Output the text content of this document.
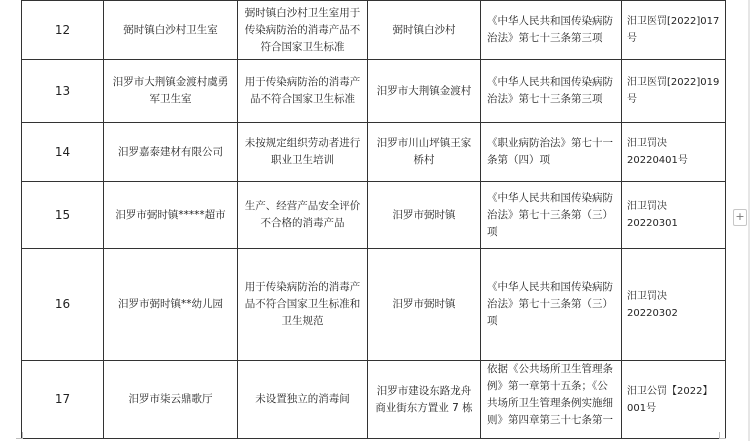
12	弼时镇白沙村卫生室	弼时镇白沙村卫生室用于传染病防治的消毒产品不符合国家卫生标准	弼时镇白沙村	《中华人民共和国传染病防治法》第七十三条第三项	汨卫医罚[2022]017号
13	汨罗市大荆镇金渡村虞勇军卫生室	用于传染病防治的消毒产品不符合国家卫生标准	汨罗市大荆镇金渡村	《中华人民共和国传染病防治法》第七十三条第三项	汨卫医罚[2022]019号
14	汨罗嘉泰建材有限公司	未按规定组织劳动者进行职业卫生培训	汨罗市川山坪镇王家桥村	《职业病防治法》第七十一条第（四）项	汨卫罚决 20220401号
15	汨罗市弼时镇*****超市	生产、经营产品安全评价不合格的消毒产品	汨罗市弼时镇	《中华人民共和国传染病防治法》第七十三条第（三）项	汨卫罚决 20220301
16	汨罗市弼时镇**幼儿园	用于传染病防治的消毒产品不符合国家卫生标准和卫生规范	汨罗市弼时镇	《中华人民共和国传染病防治法》第七十三条第（三）项	汨卫罚决 20220302
17	汨罗市柒云鼎歌厅	未设置独立的消毒间	汨罗市建设东路龙舟商业街东方置业 7 栋	依据《公共场所卫生管理条例》第一章第十五条；《公共场所卫生管理条例实施细则》第四章第三十七条第一	汨卫公罚【2022】001号
+
